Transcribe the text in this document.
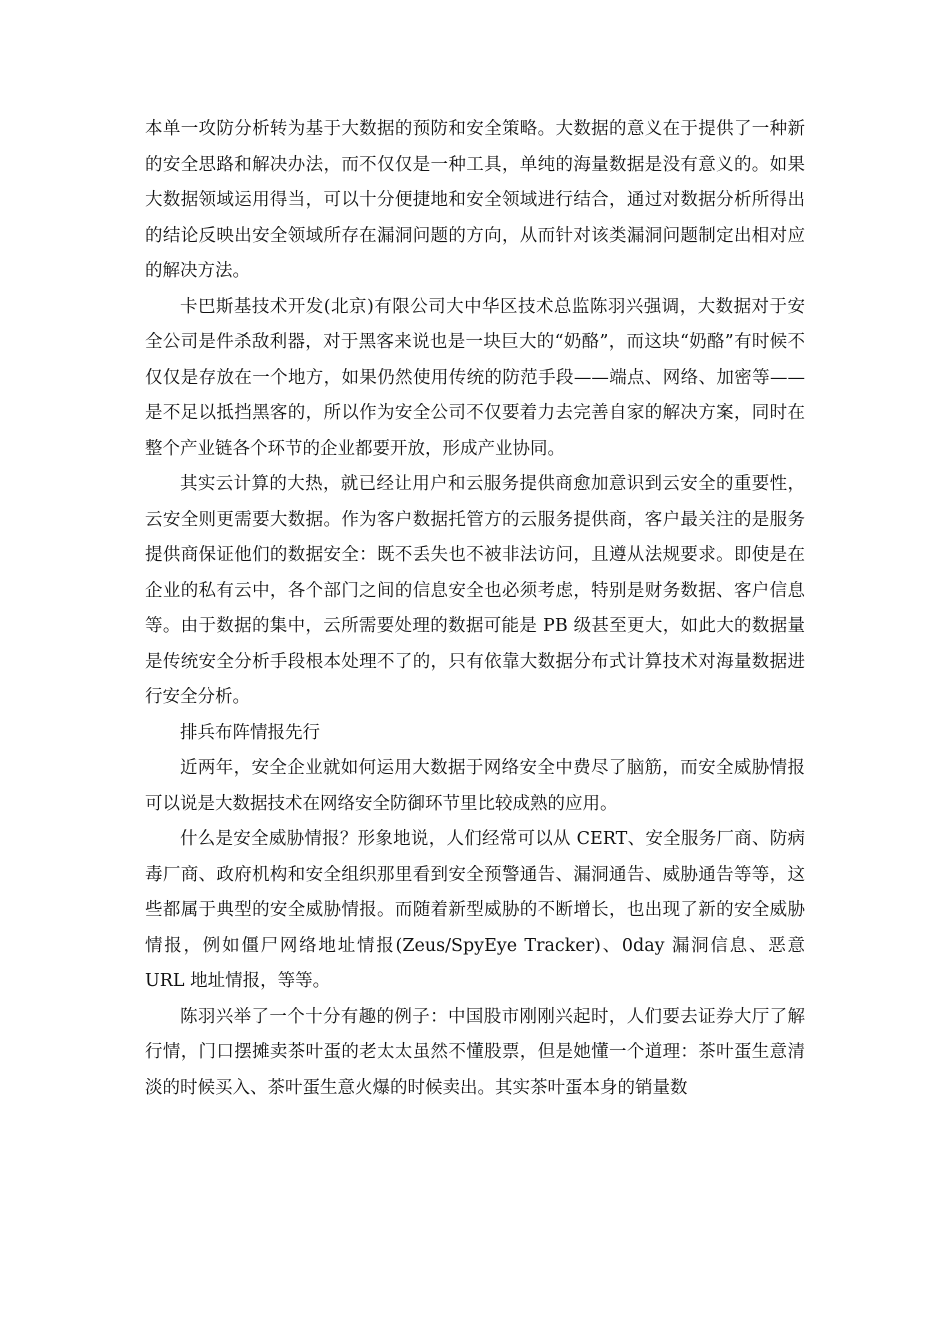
本单一攻防分析转为基于大数据的预防和安全策略。大数据的意义在于提供了一种新的安全思路和解决办法，而不仅仅是一种工具，单纯的海量数据是没有意义的。如果大数据领域运用得当，可以十分便捷地和安全领域进行结合，通过对数据分析所得出的结论反映出安全领域所存在漏洞问题的方向，从而针对该类漏洞问题制定出相对应的解决方法。

卡巴斯基技术开发(北京)有限公司大中华区技术总监陈羽兴强调，大数据对于安全公司是件杀敌利器，对于黑客来说也是一块巨大的“奶酪”，而这块“奶酪”有时候不仅仅是存放在一个地方，如果仍然使用传统的防范手段——端点、网络、加密等——是不足以抵挡黑客的，所以作为安全公司不仅要着力去完善自家的解决方案，同时在整个产业链各个环节的企业都要开放，形成产业协同。

其实云计算的大热，就已经让用户和云服务提供商愈加意识到云安全的重要性，云安全则更需要大数据。作为客户数据托管方的云服务提供商，客户最关注的是服务提供商保证他们的数据安全：既不丢失也不被非法访问，且遵从法规要求。即使是在企业的私有云中，各个部门之间的信息安全也必须考虑，特别是财务数据、客户信息等。由于数据的集中，云所需要处理的数据可能是 PB 级甚至更大，如此大的数据量是传统安全分析手段根本处理不了的，只有依靠大数据分布式计算技术对海量数据进行安全分析。

排兵布阵情报先行

近两年，安全企业就如何运用大数据于网络安全中费尽了脑筋，而安全威胁情报可以说是大数据技术在网络安全防御环节里比较成熟的应用。

什么是安全威胁情报？形象地说，人们经常可以从 CERT、安全服务厂商、防病毒厂商、政府机构和安全组织那里看到安全预警通告、漏洞通告、威胁通告等等，这些都属于典型的安全威胁情报。而随着新型威胁的不断增长，也出现了新的安全威胁情报，例如僵尸网络地址情报(Zeus/SpyEye Tracker)、0day 漏洞信息、恶意 URL 地址情报，等等。

陈羽兴举了一个十分有趣的例子：中国股市刚刚兴起时，人们要去证券大厅了解行情，门口摆摊卖茶叶蛋的老太太虽然不懂股票，但是她懂一个道理：茶叶蛋生意清淡的时候买入、茶叶蛋生意火爆的时候卖出。其实茶叶蛋本身的销量数
